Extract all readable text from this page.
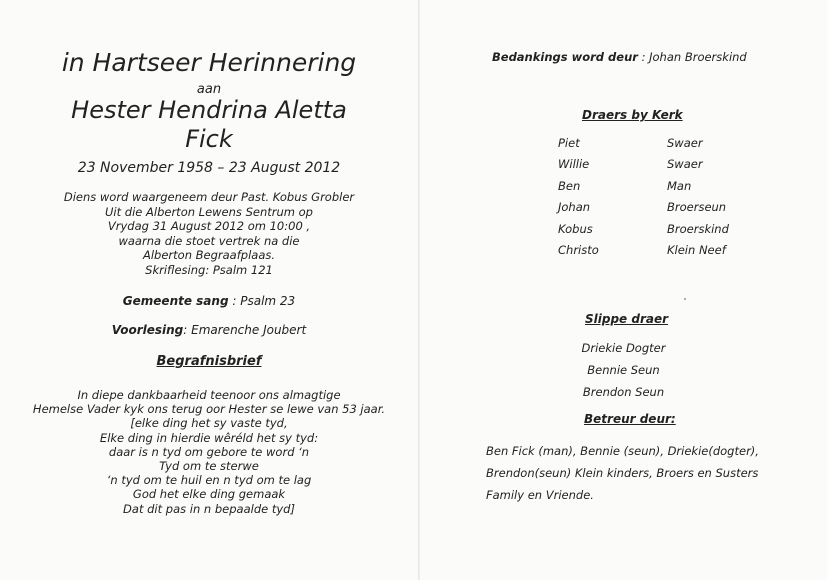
in Hartseer Herinnering
aan
Hester Hendrina Aletta
Fick
23 November 1958 – 23 August 2012
Diens word waargeneem deur Past. Kobus Grobler
Uit die Alberton Lewens Sentrum op
Vrydag 31 August 2012 om 10:00 ,
waarna die stoet vertrek na die
Alberton Begraafplaas.
Skriflesing: Psalm 121
Gemeente sang : Psalm 23
Voorlesing: Emarenche Joubert
Begrafnisbrief
In diepe dankbaarheid teenoor ons almagtige
Hemelse Vader kyk ons terug oor Hester se lewe van 53 jaar.
[elke ding het sy vaste tyd,
Elke ding in hierdie wêréld het sy tyd:
daar is n tyd om gebore te word ‘n
Tyd om te sterwe
‘n tyd om te huil en n tyd om te lag
God het elke ding gemaak
Dat dit pas in n bepaalde tyd]
Bedankings word deur : Johan Broerskind
Draers by Kerk
Piet	Swaer
Willie	Swaer
Ben	Man
Johan	Broerseun
Kobus	Broerskind
Christo	Klein Neef
Slippe draer
Driekie Dogter
Bennie Seun
Brendon Seun
Betreur deur:
Ben Fick (man), Bennie (seun), Driekie(dogter),
Brendon(seun) Klein kinders, Broers en Susters
Family en Vriende.
